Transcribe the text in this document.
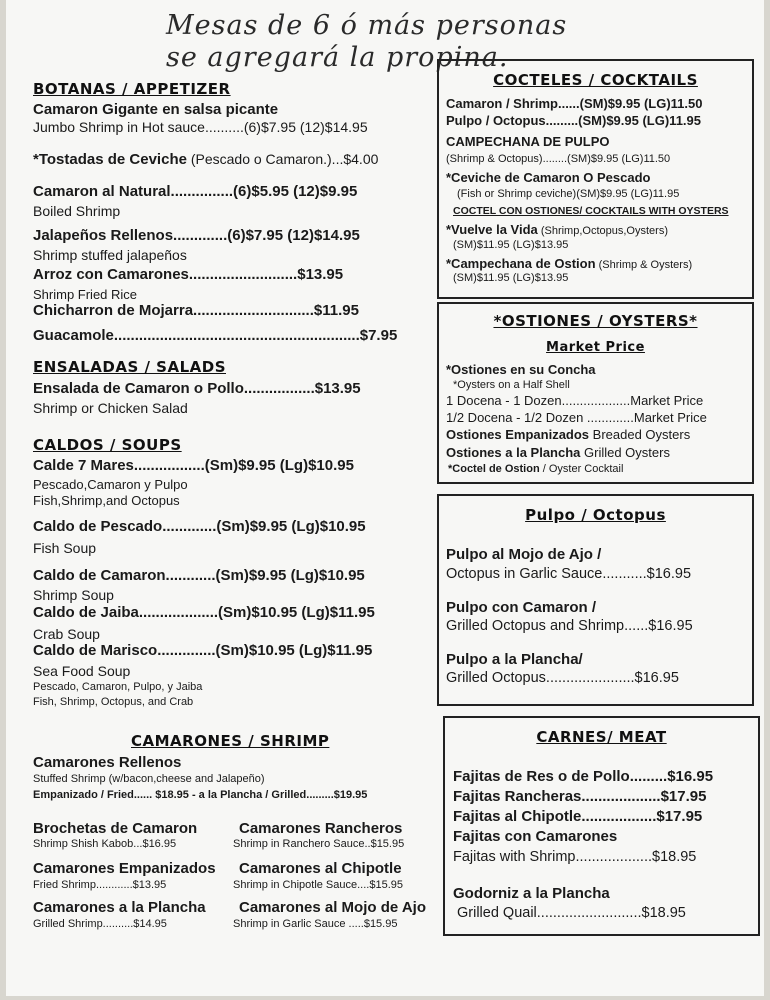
Mesas de 6 ó más personas
se agregará la propina.
BOTANAS / APPETIZER
Camaron Gigante en salsa picante
Jumbo Shrimp in Hot sauce..........(6)$7.95 (12)$14.95
*Tostadas de Ceviche (Pescado o Camaron.)...$4.00
Camaron al Natural...............(6)$5.95 (12)$9.95
Boiled Shrimp
Jalapeños Rellenos.............(6)$7.95 (12)$14.95
Shrimp stuffed jalapeños
Arroz con Camarones..........................$13.95
Shrimp Fried Rice
Chicharron de Mojarra.............................$11.95
Guacamole...........................................................$7.95
ENSALADAS / SALADS
Ensalada de Camaron o Pollo.................$13.95
Shrimp or Chicken Salad
CALDOS / SOUPS
Calde 7 Mares.................(Sm)$9.95 (Lg)$10.95
Pescado,Camaron y Pulpo
Fish,Shrimp,and Octopus
Caldo de Pescado.............(Sm)$9.95 (Lg)$10.95
Fish Soup
Caldo de Camaron............(Sm)$9.95 (Lg)$10.95
Shrimp Soup
Caldo de Jaiba...................(Sm)$10.95 (Lg)$11.95
Crab Soup
Caldo de Marisco..............(Sm)$10.95 (Lg)$11.95
Sea Food Soup
Pescado, Camaron, Pulpo, y Jaiba
Fish, Shrimp, Octopus, and Crab
CAMARONES / SHRIMP
Camarones Rellenos
Stuffed Shrimp (w/bacon,cheese and Jalapeño)
Empanizado / Fried...... $18.95 - a la Plancha / Grilled.........$19.95
Brochetas de Camaron
Shrimp Shish Kabob...$16.95
Camarones Empanizados
Fried Shrimp............$13.95
Camarones a la Plancha
Grilled Shrimp..........$14.95
Camarones Rancheros
Shrimp in Ranchero Sauce..$15.95
Camarones al Chipotle
Shrimp in Chipotle Sauce....$15.95
Camarones al Mojo de Ajo
Shrimp in Garlic Sauce .....$15.95
COCTELES / COCKTAILS
Camaron / Shrimp......(SM)$9.95 (LG)11.50
Pulpo / Octopus.........(SM)$9.95 (LG)11.95
CAMPECHANA DE PULPO
(Shrimp & Octopus)........(SM)$9.95 (LG)11.50
*Ceviche de Camaron O Pescado
(Fish or Shrimp ceviche)(SM)$9.95 (LG)11.95
COCTEL CON OSTIONES/ COCKTAILS WITH OYSTERS
*Vuelve la Vida (Shrimp,Octopus,Oysters)
(SM)$11.95 (LG)$13.95
*Campechana de Ostion (Shrimp & Oysters)
(SM)$11.95 (LG)$13.95
*OSTIONES / OYSTERS*
Market Price
*Ostiones en su Concha
*Oysters on a Half Shell
1 Docena - 1 Dozen...................Market Price
1/2 Docena - 1/2 Dozen .............Market Price
Ostiones Empanizados Breaded Oysters
Ostiones a la Plancha Grilled Oysters
*Coctel de Ostion / Oyster Cocktail
Pulpo / Octopus
Pulpo al Mojo de Ajo /
Octopus in Garlic Sauce...........$16.95
Pulpo con Camaron /
Grilled Octopus and Shrimp......$16.95
Pulpo a la Plancha/
Grilled Octopus......................$16.95
CARNES/ MEAT
Fajitas de Res o de Pollo.........$16.95
Fajitas Rancheras...................$17.95
Fajitas al Chipotle..................$17.95
Fajitas con Camarones
Fajitas with Shrimp...................$18.95
Godorniz a la Plancha
Grilled Quail..........................$18.95
